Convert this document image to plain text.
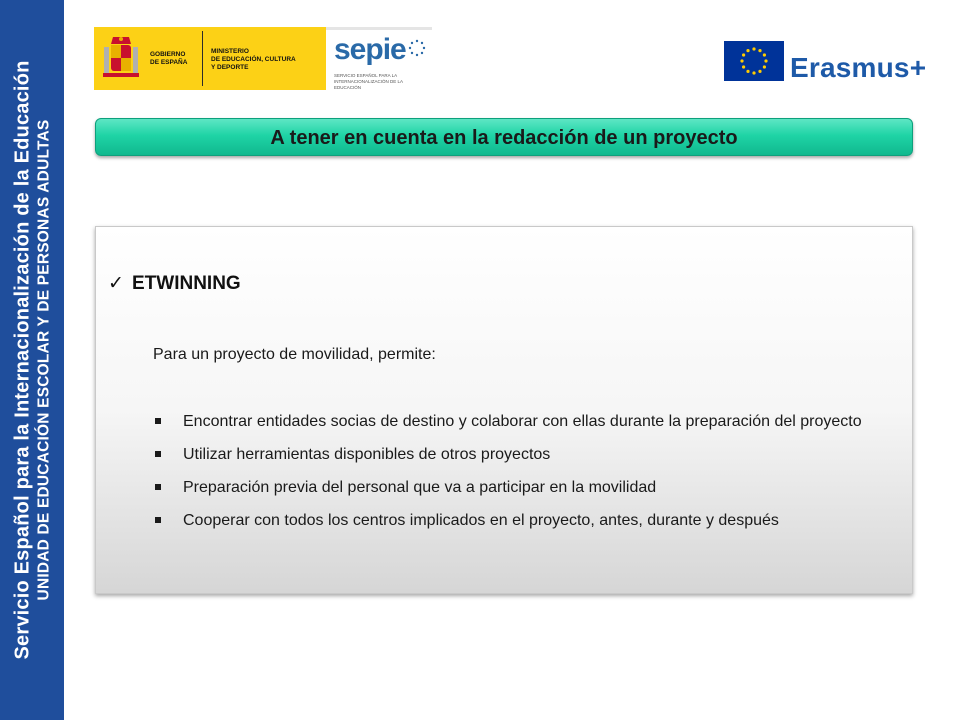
Servicio Español para la Internacionalización de la Educación UNIDAD DE EDUCACIÓN ESCOLAR Y DE PERSONAS ADULTAS
GOBIERNO
DE ESPAÑA
MINISTERIO
DE EDUCACIÓN, CULTURA
Y DEPORTE
sepie
SERVICIO ESPAÑOL PARA LA INTERNACIONALIZACIÓN DE LA EDUCACIÓN
Erasmus+
A tener en cuenta en la redacción de un proyecto
✓ ETWINNING
Para un proyecto de movilidad, permite:
Encontrar entidades socias de destino y colaborar con ellas durante la preparación del proyecto
Utilizar herramientas disponibles de otros proyectos
Preparación previa del personal que va a participar en la movilidad
Cooperar con todos los centros implicados en el proyecto, antes, durante y después
